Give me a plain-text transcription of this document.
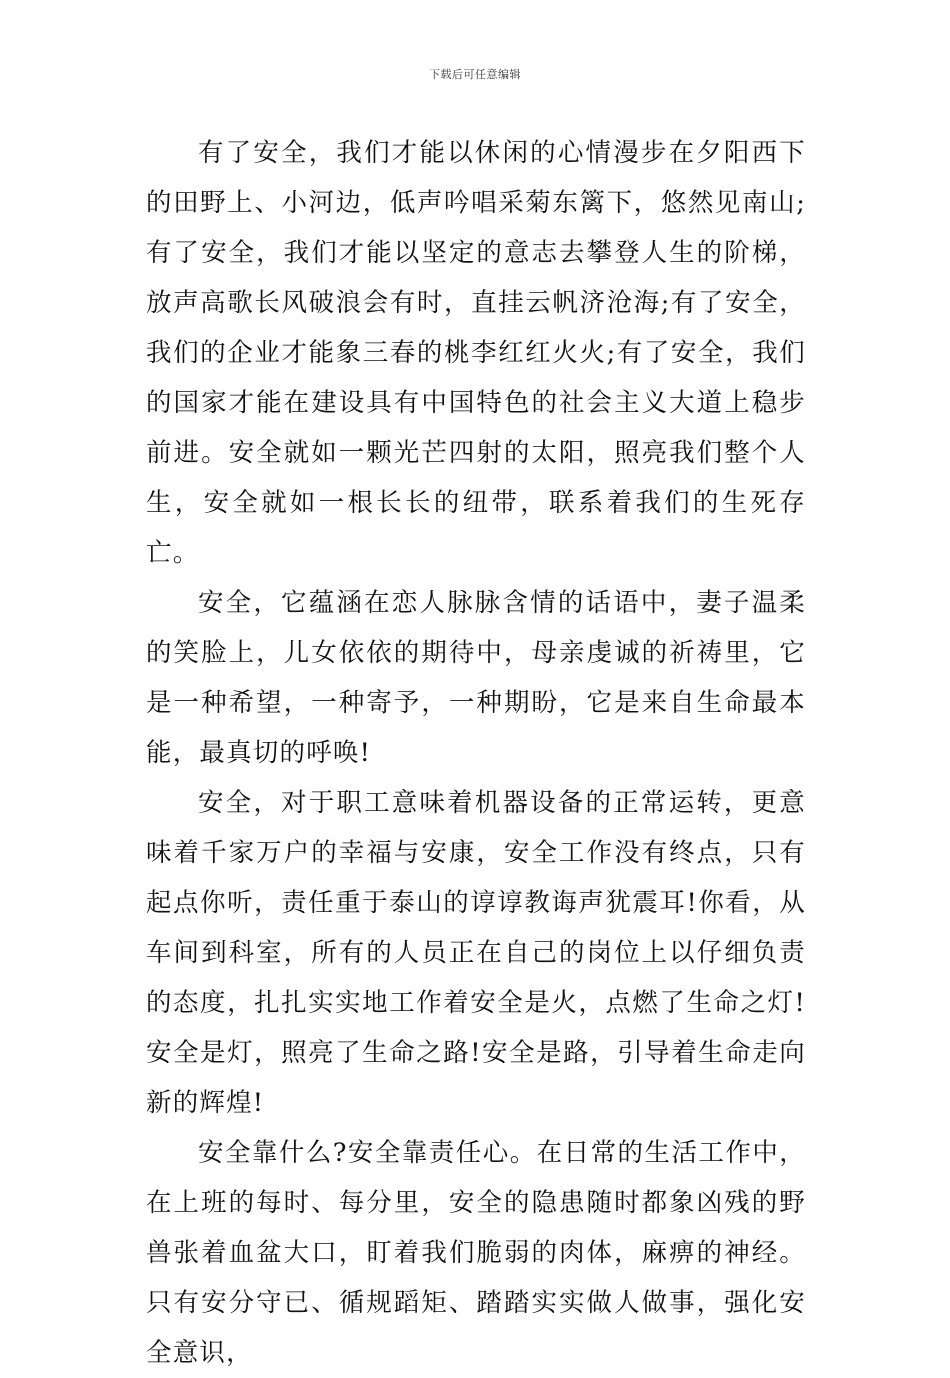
下载后可任意编辑

有了安全，我们才能以休闲的心情漫步在夕阳西下的田野上、小河边，低声吟唱采菊东篱下，悠然见南山;有了安全，我们才能以坚定的意志去攀登人生的阶梯，放声高歌长风破浪会有时，直挂云帆济沧海;有了安全，我们的企业才能象三春的桃李红红火火;有了安全，我们的国家才能在建设具有中国特色的社会主义大道上稳步前进。安全就如一颗光芒四射的太阳，照亮我们整个人生，安全就如一根长长的纽带，联系着我们的生死存亡。

安全，它蕴涵在恋人脉脉含情的话语中，妻子温柔的笑脸上，儿女依依的期待中，母亲虔诚的祈祷里，它是一种希望，一种寄予，一种期盼，它是来自生命最本能，最真切的呼唤!

安全，对于职工意味着机器设备的正常运转，更意味着千家万户的幸福与安康，安全工作没有终点，只有起点你听，责任重于泰山的谆谆教诲声犹震耳!你看，从车间到科室，所有的人员正在自己的岗位上以仔细负责的态度，扎扎实实地工作着安全是火，点燃了生命之灯!安全是灯，照亮了生命之路!安全是路，引导着生命走向新的辉煌!

安全靠什么?安全靠责任心。在日常的生活工作中，在上班的每时、每分里，安全的隐患随时都象凶残的野兽张着血盆大口，盯着我们脆弱的肉体，麻痹的神经。只有安分守已、循规蹈矩、踏踏实实做人做事，强化安全意识，
